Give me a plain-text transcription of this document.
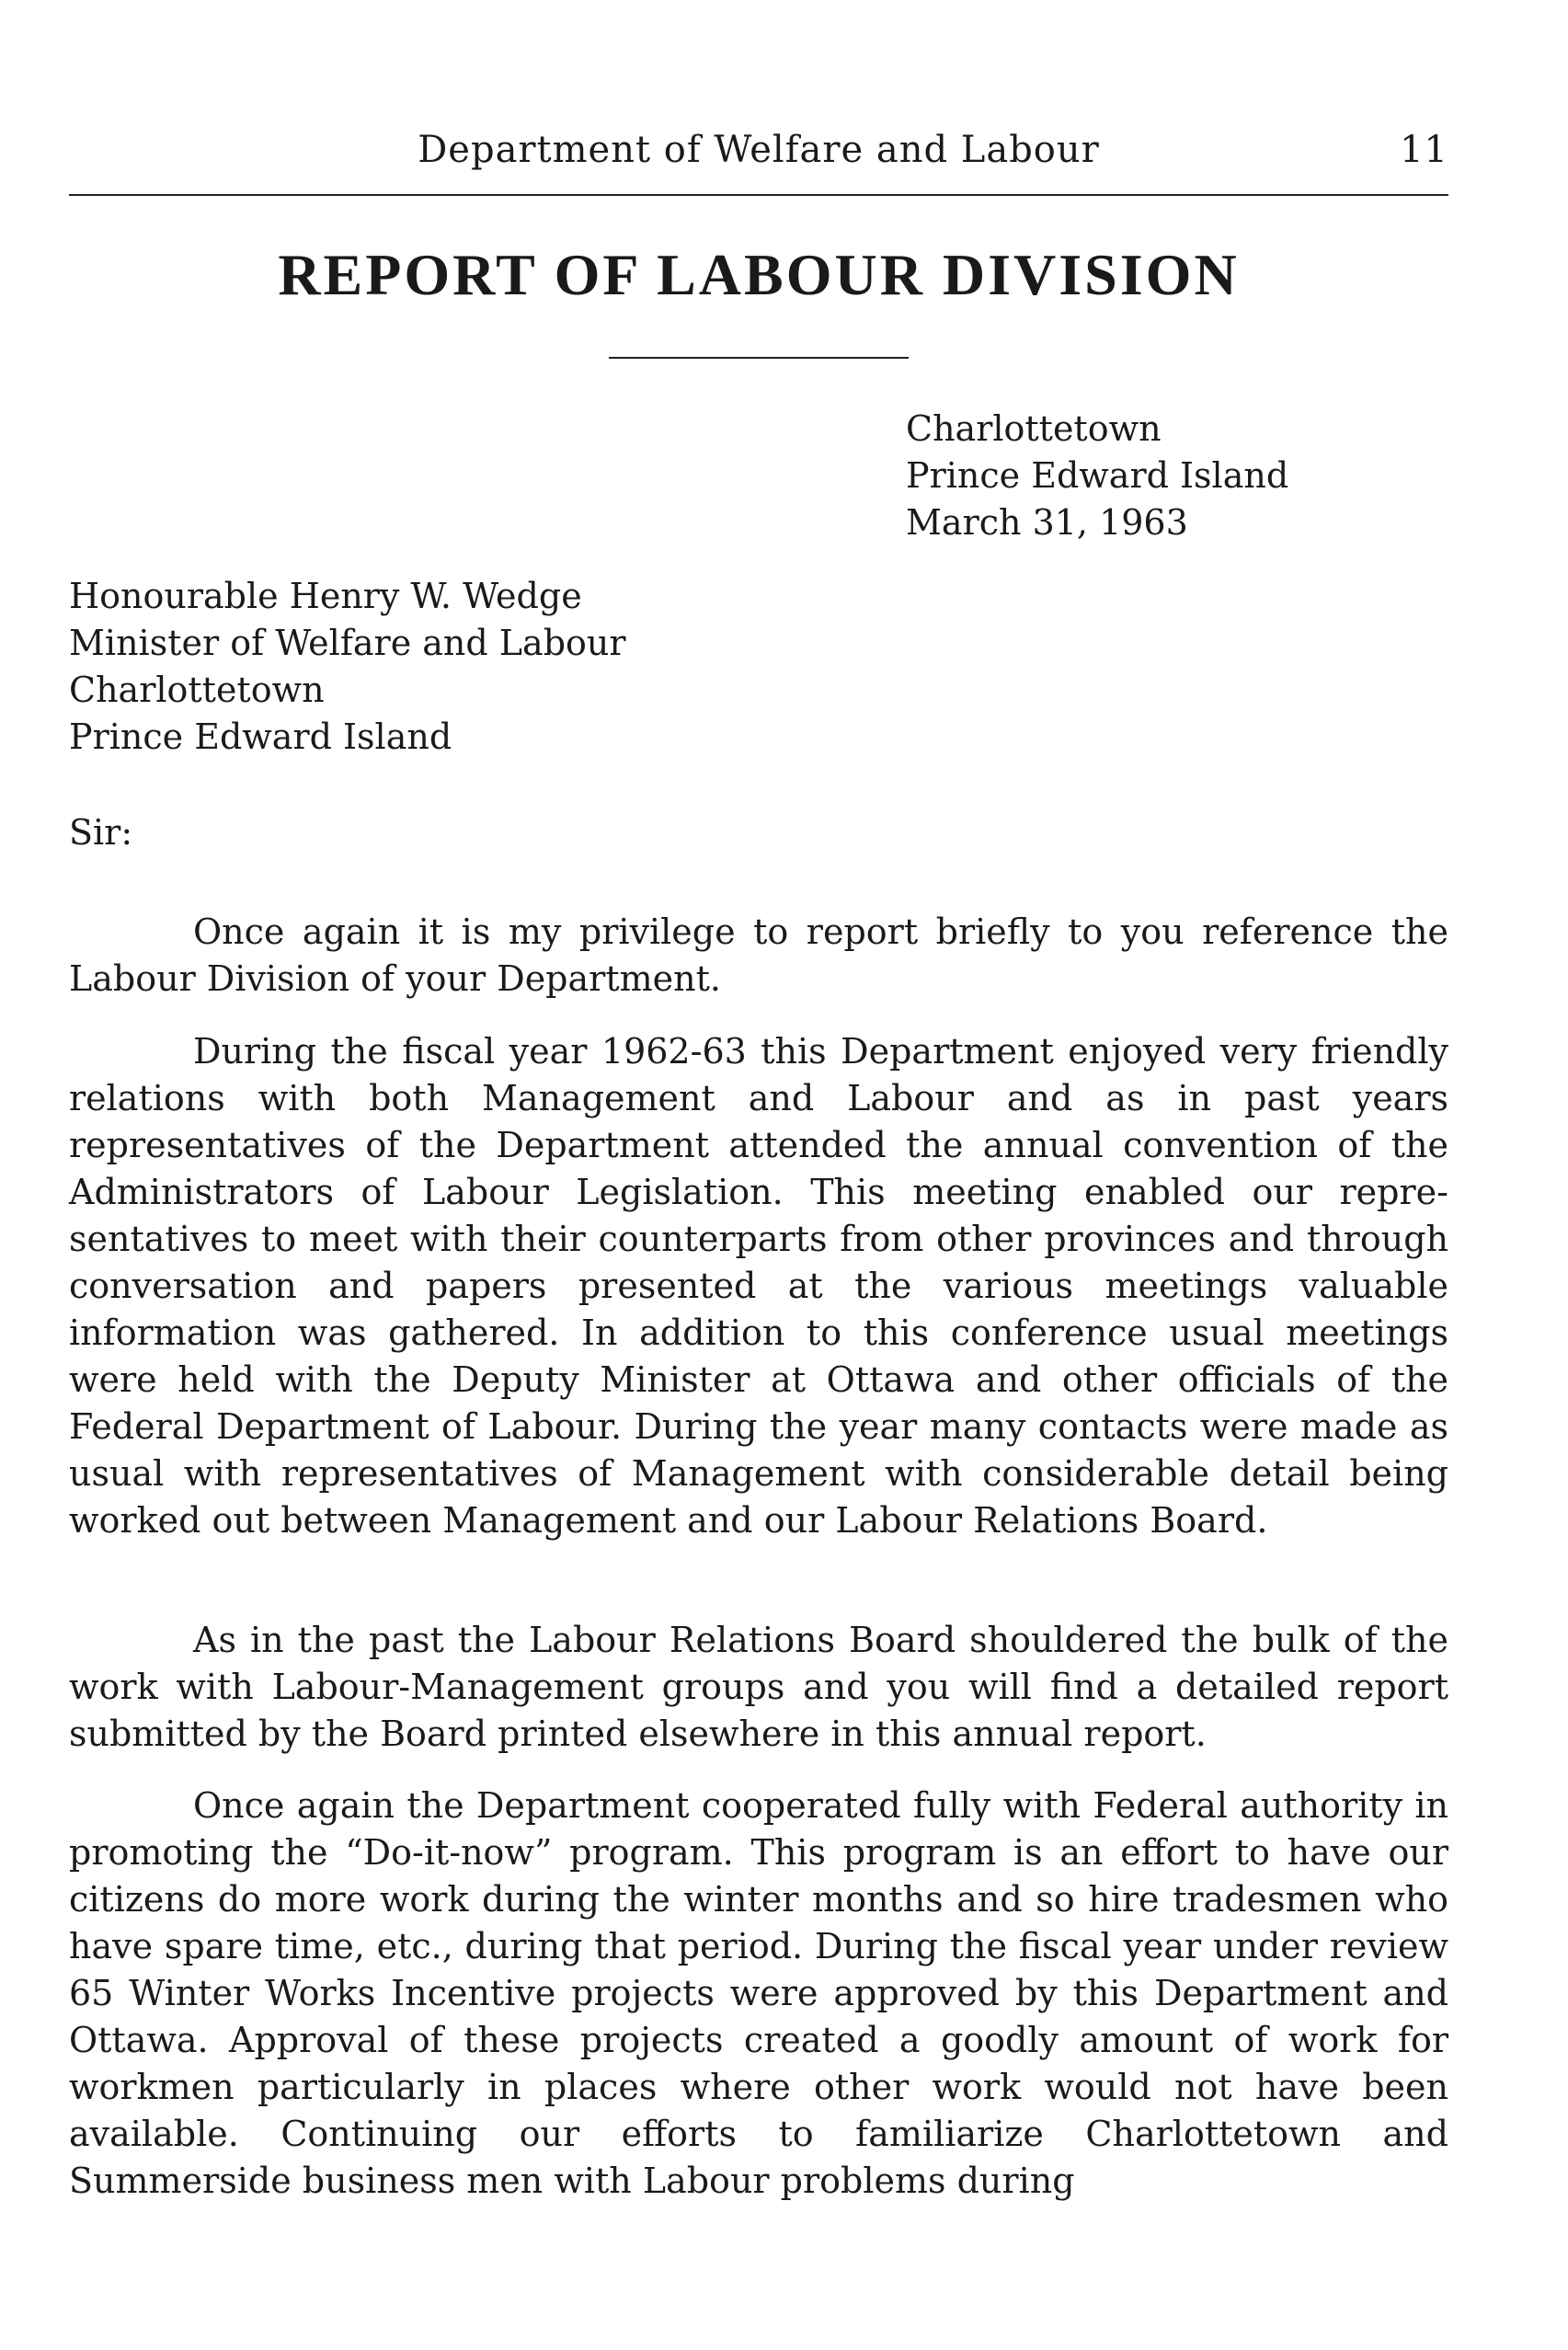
Department of Welfare and Labour	11
REPORT OF LABOUR DIVISION
Charlottetown
Prince Edward Island
March 31, 1963
Honourable Henry W. Wedge
Minister of Welfare and Labour
Charlottetown
Prince Edward Island
Sir:

Once again it is my privilege to report briefly to you reference the Labour Division of your Department.

During the fiscal year 1962-63 this Department enjoyed very friendly relations with both Management and Labour and as in past years representatives of the Department attended the annual convention of the Administrators of Labour Legislation. This meeting enabled our representatives to meet with their counterparts from other provinces and through conversation and papers presented at the various meetings valuable information was gathered. In addition to this conference usual meetings were held with the Deputy Minister at Ottawa and other officials of the Federal Department of Labour. During the year many contacts were made as usual with representatives of Management with considerable detail being worked out between Management and our Labour Relations Board.

As in the past the Labour Relations Board shouldered the bulk of the work with Labour-Management groups and you will find a detailed report submitted by the Board printed elsewhere in this annual report.

Once again the Department cooperated fully with Federal authority in promoting the “Do-it-now” program. This program is an effort to have our citizens do more work during the winter months and so hire tradesmen who have spare time, etc., during that period. During the fiscal year under review 65 Winter Works Incentive projects were approved by this Department and Ottawa. Approval of these projects created a goodly amount of work for workmen particularly in places where other work would not have been available. Continuing our efforts to familiarize Charlottetown and Summerside business men with Labour problems during
